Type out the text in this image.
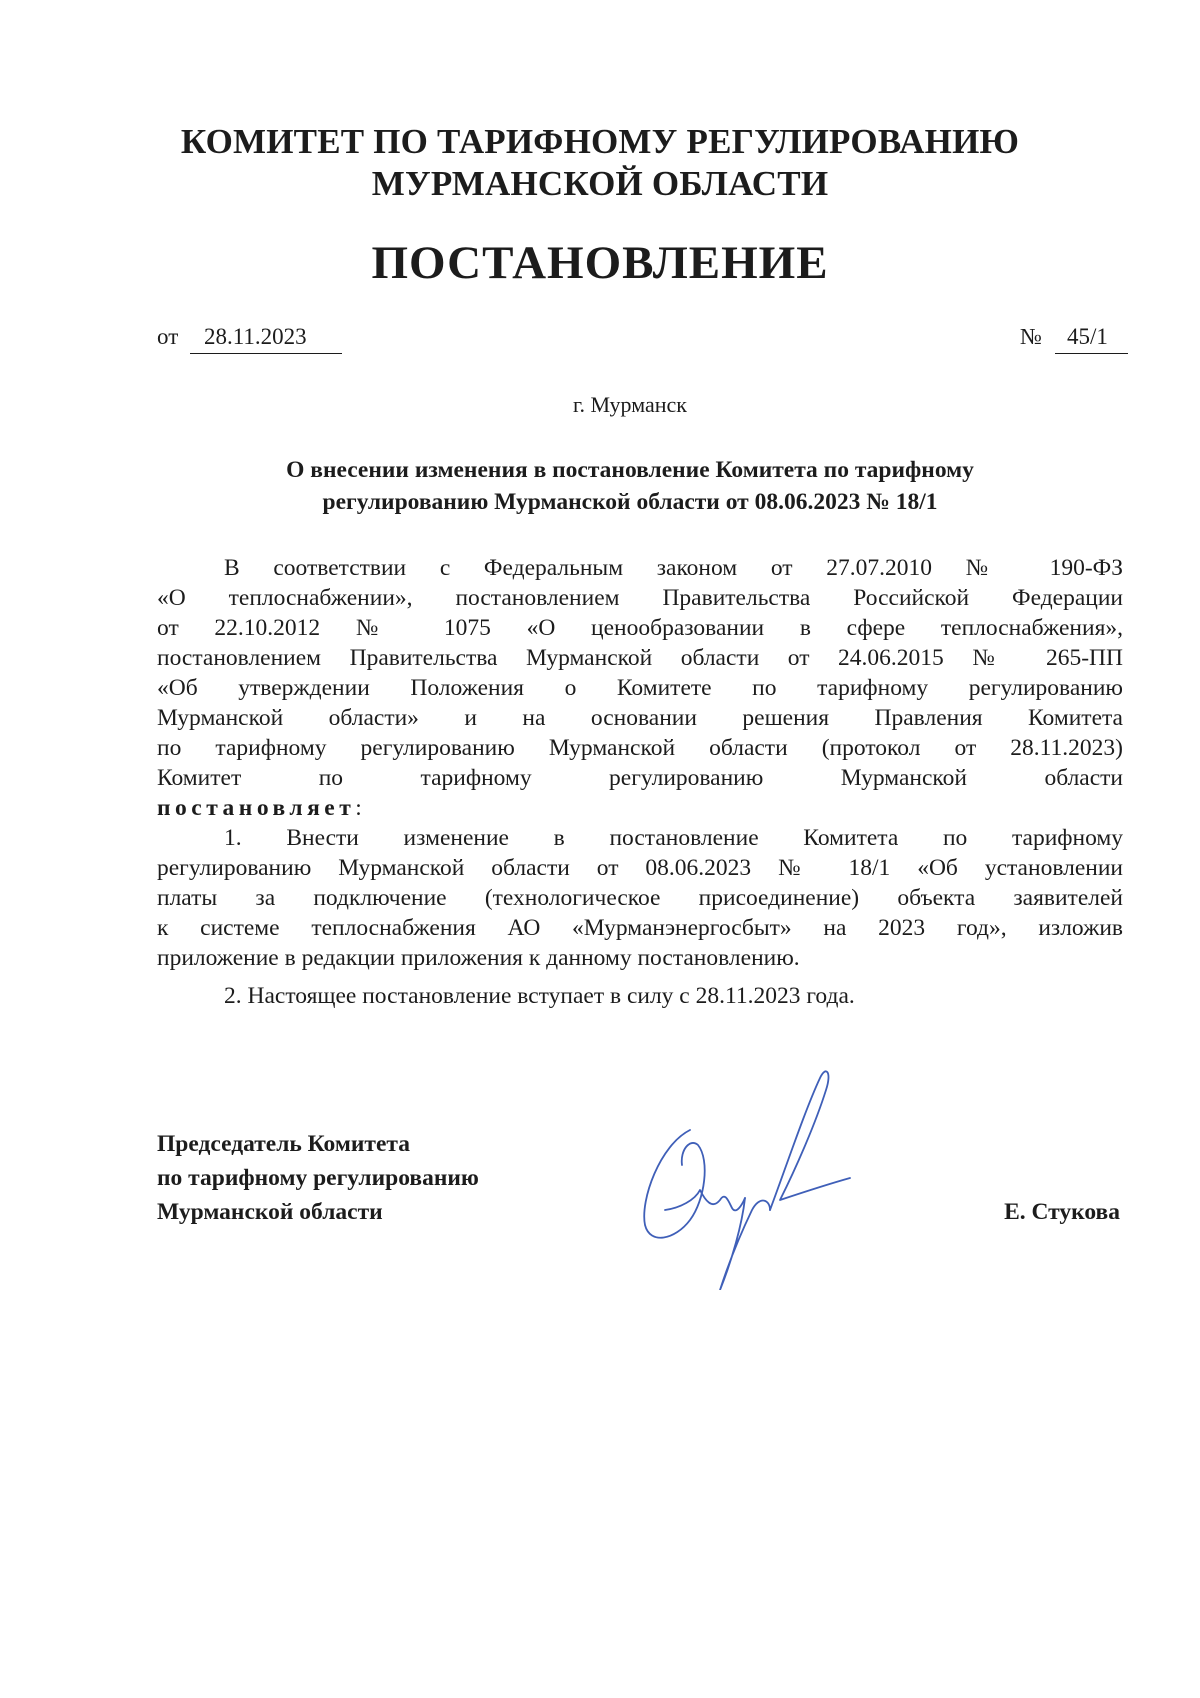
КОМИТЕТ ПО ТАРИФНОМУ РЕГУЛИРОВАНИЮ
МУРМАНСКОЙ ОБЛАСТИ
ПОСТАНОВЛЕНИЕ
от	28.11.2023	№	45/1
г. Мурманск
О внесении изменения в постановление Комитета по тарифному
регулированию Мурманской области от 08.06.2023 № 18/1
В соответствии с Федеральным законом от 27.07.2010 № 190-ФЗ
«О теплоснабжении», постановлением Правительства Российской Федерации
от 22.10.2012 № 1075 «О ценообразовании в сфере теплоснабжения»,
постановлением Правительства Мурманской области от 24.06.2015 № 265-ПП
«Об утверждении Положения о Комитете по тарифному регулированию
Мурманской области» и на основании решения Правления Комитета
по тарифному регулированию Мурманской области (протокол от 28.11.2023)
Комитет по тарифному регулированию Мурманской области
постановляет:
1. Внести изменение в постановление Комитета по тарифному
регулированию Мурманской области от 08.06.2023 № 18/1 «Об установлении
платы за подключение (технологическое присоединение) объекта заявителей
к системе теплоснабжения АО «Мурманэнергосбыт» на 2023 год», изложив
приложение в редакции приложения к данному постановлению.
2. Настоящее постановление вступает в силу с 28.11.2023 года.
Председатель Комитета
по тарифному регулированию
Мурманской области	Е. Стукова
